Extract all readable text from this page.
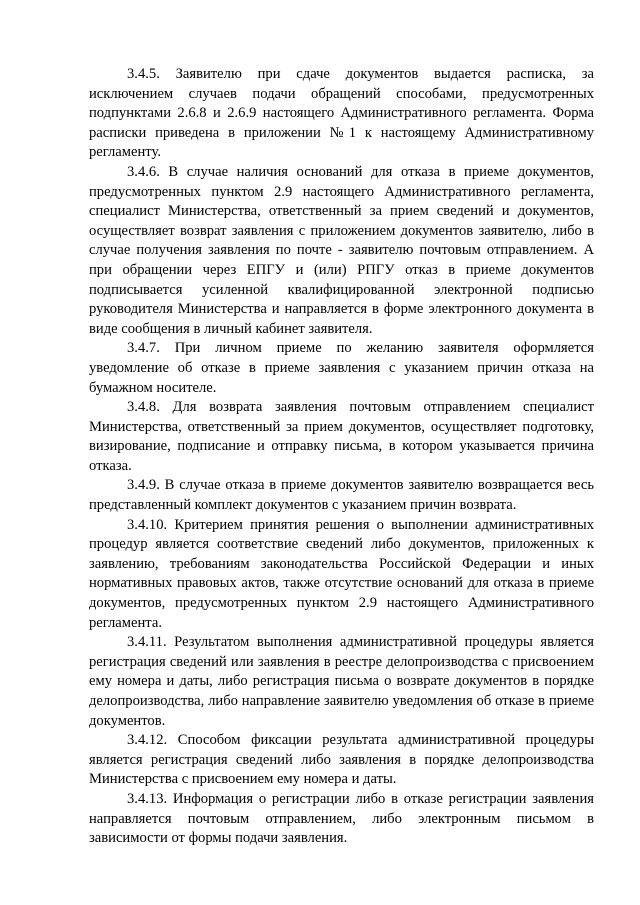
3.4.5. Заявителю при сдаче документов выдается расписка, за исключением случаев подачи обращений способами, предусмотренных подпунктами 2.6.8 и 2.6.9 настоящего Административного регламента. Форма расписки приведена в приложении №1 к настоящему Административному регламенту.

3.4.6. В случае наличия оснований для отказа в приеме документов, предусмотренных пунктом 2.9 настоящего Административного регламента, специалист Министерства, ответственный за прием сведений и документов, осуществляет возврат заявления с приложением документов заявителю, либо в случае получения заявления по почте - заявителю почтовым отправлением. А при обращении через ЕПГУ и (или) РПГУ отказ в приеме документов подписывается усиленной квалифицированной электронной подписью руководителя Министерства и направляется в форме электронного документа в виде сообщения в личный кабинет заявителя.

3.4.7. При личном приеме по желанию заявителя оформляется уведомление об отказе в приеме заявления с указанием причин отказа на бумажном носителе.

3.4.8. Для возврата заявления почтовым отправлением специалист Министерства, ответственный за прием документов, осуществляет подготовку, визирование, подписание и отправку письма, в котором указывается причина отказа.

3.4.9. В случае отказа в приеме документов заявителю возвращается весь представленный комплект документов с указанием причин возврата.

3.4.10. Критерием принятия решения о выполнении административных процедур является соответствие сведений либо документов, приложенных к заявлению, требованиям законодательства Российской Федерации и иных нормативных правовых актов, также отсутствие оснований для отказа в приеме документов, предусмотренных пунктом 2.9 настоящего Административного регламента.

3.4.11. Результатом выполнения административной процедуры является регистрация сведений или заявления в реестре делопроизводства с присвоением ему номера и даты, либо регистрация письма о возврате документов в порядке делопроизводства, либо направление заявителю уведомления об отказе в приеме документов.

3.4.12. Способом фиксации результата административной процедуры является регистрация сведений либо заявления в порядке делопроизводства Министерства с присвоением ему номера и даты.

3.4.13. Информация о регистрации либо в отказе регистрации заявления направляется почтовым отправлением, либо электронным письмом в зависимости от формы подачи заявления.
